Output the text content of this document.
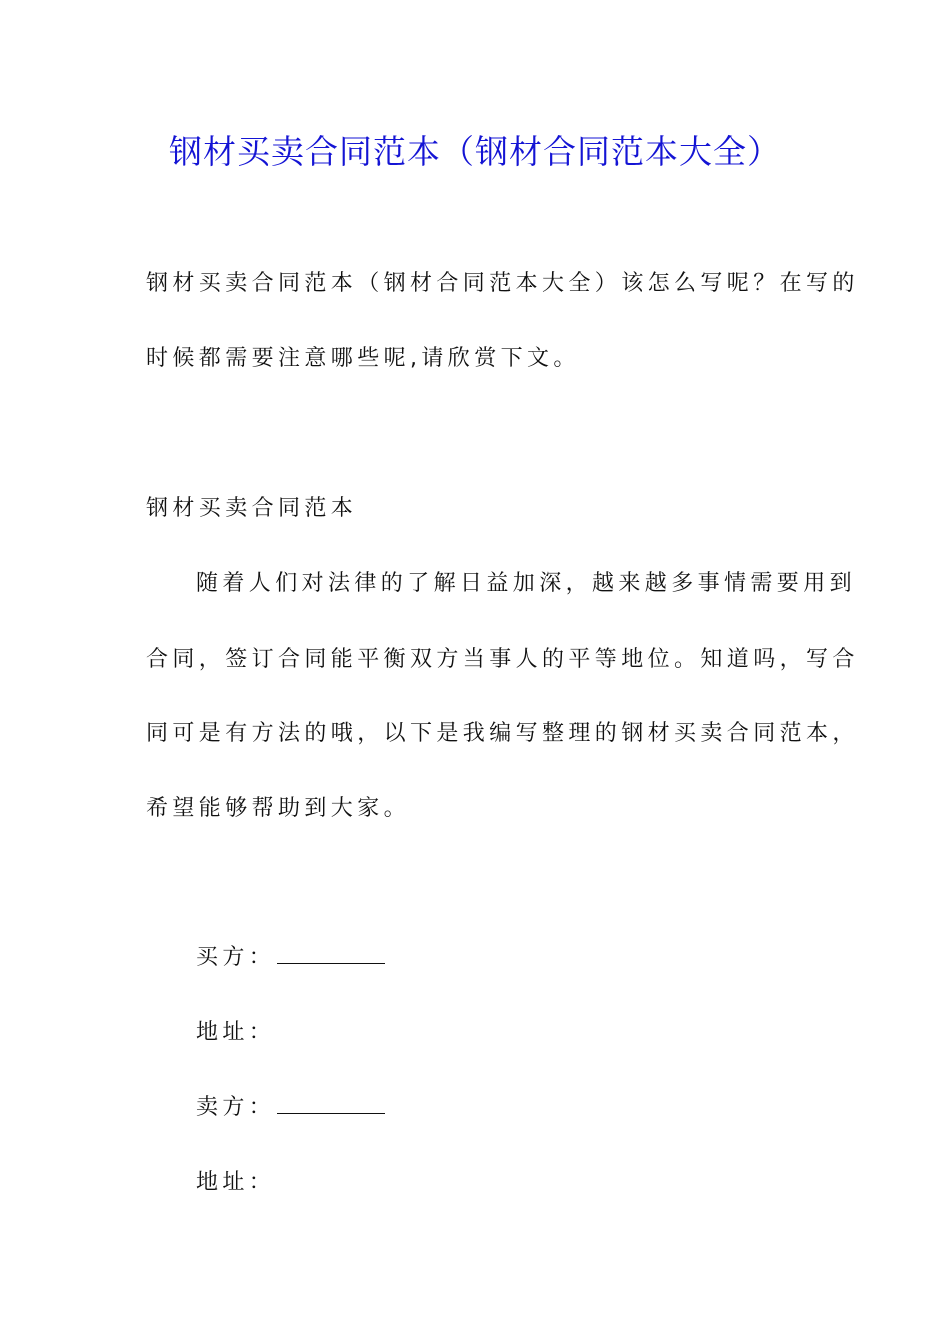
钢材买卖合同范本（钢材合同范本大全）
钢材买卖合同范本（钢材合同范本大全）该怎么写呢？在写的
时候都需要注意哪些呢,请欣赏下文。
钢材买卖合同范本
随着人们对法律的了解日益加深，越来越多事情需要用到
合同，签订合同能平衡双方当事人的平等地位。知道吗，写合
同可是有方法的哦，以下是我编写整理的钢材买卖合同范本，
希望能够帮助到大家。
买方：
地址：
卖方：
地址：
